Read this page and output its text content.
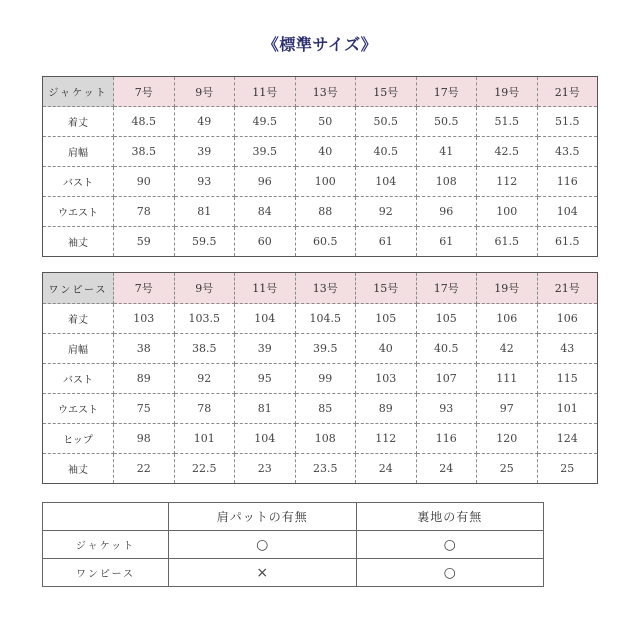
《標準サイズ》
ジャケット	7号	9号	11号	13号	15号	17号	19号	21号
着丈	48.5	49	49.5	50	50.5	50.5	51.5	51.5
肩幅	38.5	39	39.5	40	40.5	41	42.5	43.5
バスト	90	93	96	100	104	108	112	116
ウエスト	78	81	84	88	92	96	100	104
袖丈	59	59.5	60	60.5	61	61	61.5	61.5
ワンピース	7号	9号	11号	13号	15号	17号	19号	21号
着丈	103	103.5	104	104.5	105	105	106	106
肩幅	38	38.5	39	39.5	40	40.5	42	43
バスト	89	92	95	99	103	107	111	115
ウエスト	75	78	81	85	89	93	97	101
ヒップ	98	101	104	108	112	116	120	124
袖丈	22	22.5	23	23.5	24	24	25	25
	肩パットの有無	裏地の有無
ジャケット	○	○
ワンピース	×	○
